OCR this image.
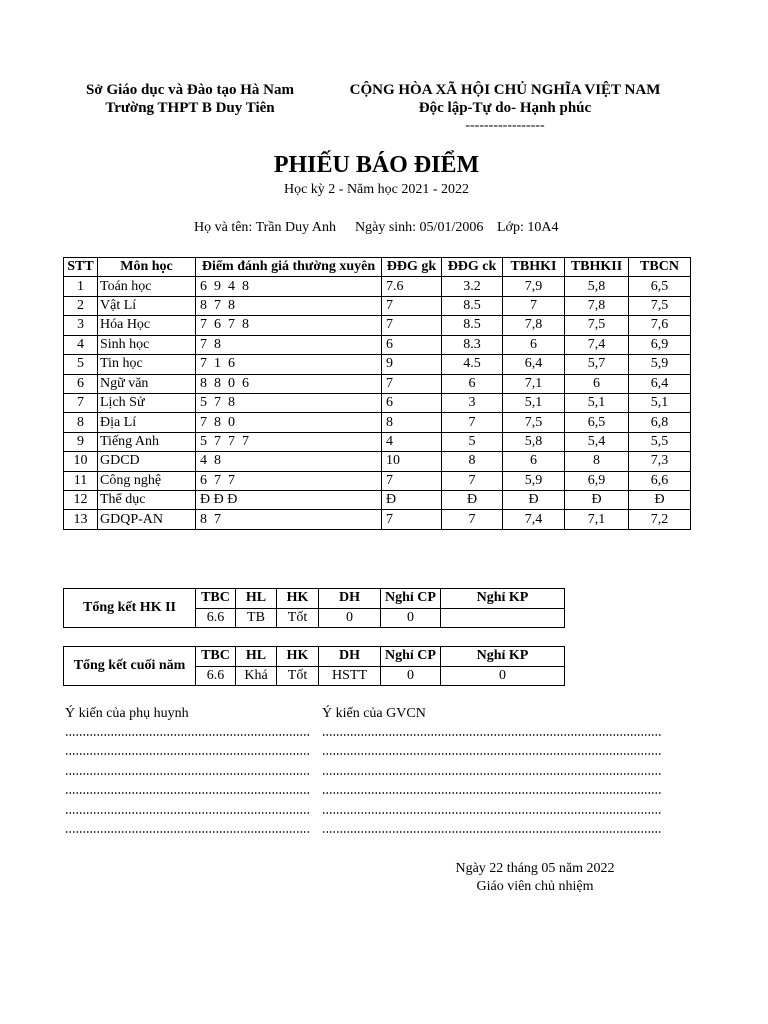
Sở Giáo dục và Đào tạo Hà Nam
Trường THPT B Duy Tiên
CỘNG HÒA XÃ HỘI CHỦ NGHĨA VIỆT NAM
Độc lập-Tự do- Hạnh phúc
-----------------
PHIẾU BÁO ĐIỂM
Học kỳ 2 - Năm học 2021 - 2022
Họ và tên: Trần Duy Anh Ngày sinh: 05/01/2006 Lớp: 10A4
STT	Môn học	Điểm đánh giá thường xuyên	ĐĐG gk	ĐĐG ck	TBHKI	TBHKII	TBCN
1	Toán học	6  9  4  8	7.6	3.2	7,9	5,8	6,5
2	Vật Lí	8  7  8	7	8.5	7	7,8	7,5
3	Hóa Học	7  6  7  8	7	8.5	7,8	7,5	7,6
4	Sinh học	7  8	6	8.3	6	7,4	6,9
5	Tin học	7  1  6	9	4.5	6,4	5,7	5,9
6	Ngữ văn	8  8  0  6	7	6	7,1	6	6,4
7	Lịch Sử	5  7  8	6	3	5,1	5,1	5,1
8	Địa Lí	7  8  0	8	7	7,5	6,5	6,8
9	Tiếng Anh	5  7  7  7	4	5	5,8	5,4	5,5
10	GDCD	4  8	10	8	6	8	7,3
11	Công nghệ	6  7  7	7	7	5,9	6,9	6,6
12	Thể dục	Đ Đ Đ	Đ	Đ	Đ	Đ	Đ
13	GDQP-AN	8  7	7	7	7,4	7,1	7,2
Tổng kết HK II	TBC	HL	HK	DH	Nghỉ CP	Nghỉ KP
	6.6	TB	Tốt	0	0	
Tổng kết cuối năm	TBC	HL	HK	DH	Nghỉ CP	Nghỉ KP
	6.6	Khá	Tốt	HSTT	0	0
Ý kiến của phụ huynh	Ý kiến của GVCN
Ngày 22 tháng 05 năm 2022
Giáo viên chủ nhiệm
